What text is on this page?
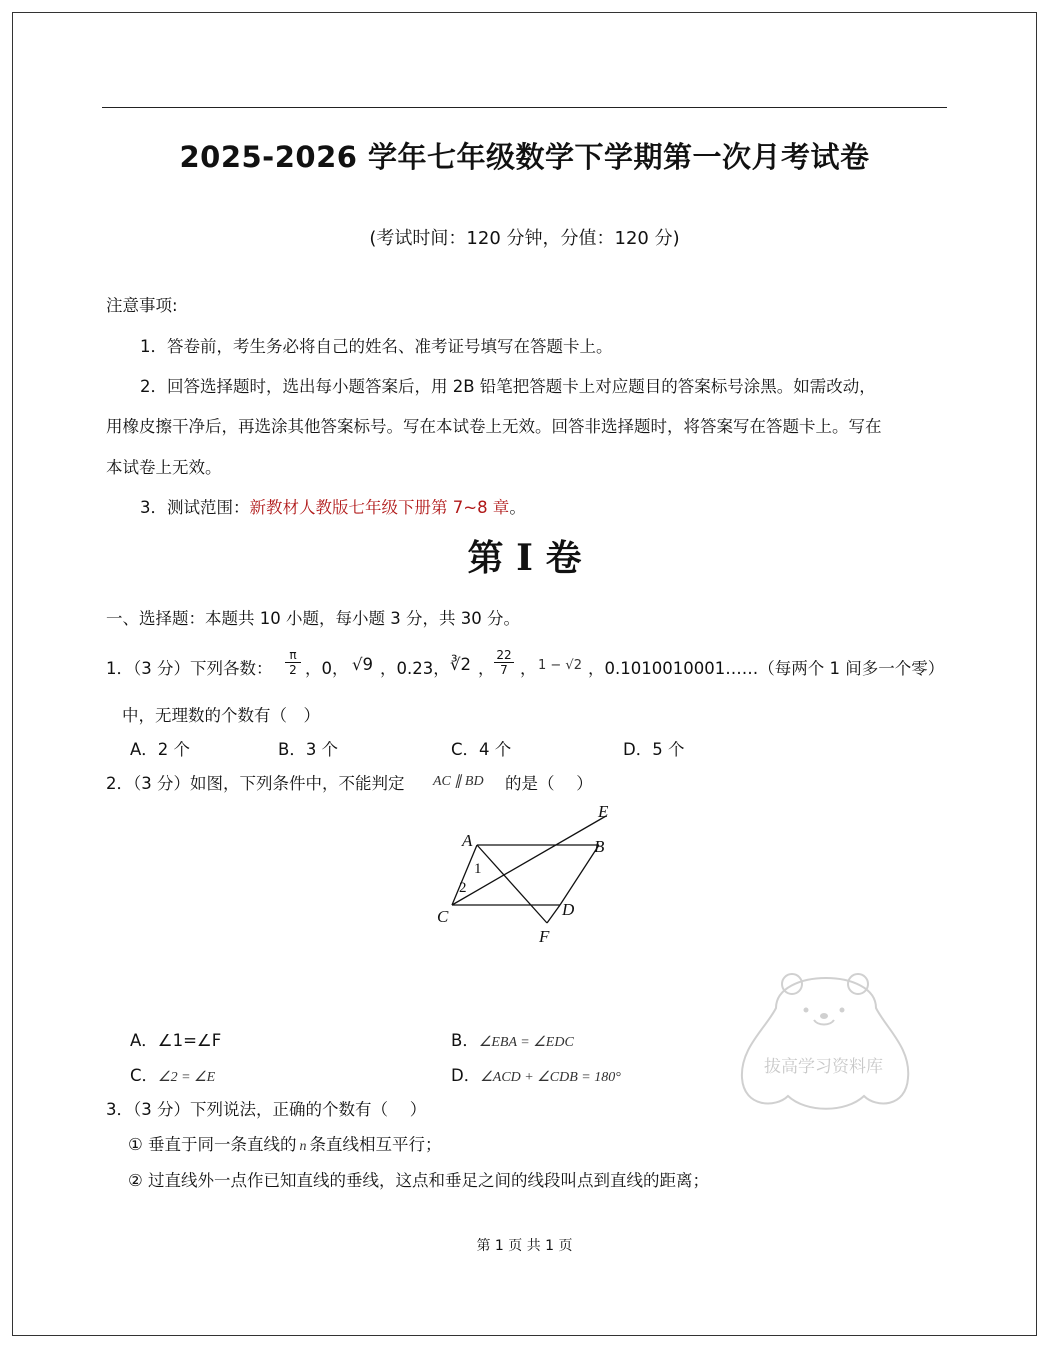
2025-2026 学年七年级数学下学期第一次月考试卷
(考试时间：120 分钟，分值：120 分)
注意事项:
1．答卷前，考生务必将自己的姓名、准考证号填写在答题卡上。
2．回答选择题时，选出每小题答案后，用 2B 铅笔把答题卡上对应题目的答案标号涂黑。如需改动，
用橡皮擦干净后，再选涂其他答案标号。写在本试卷上无效。回答非选择题时，将答案写在答题卡上。写在
本试卷上无效。
3．测试范围：新教材人教版七年级下册第 7~8 章。
第 I 卷
一、选择题：本题共 10 小题，每小题 3 分，共 30 分。
1．（3 分）下列各数： $\frac{\pi}{2}$ ，0， √9 ，0.23， ∛2 ， $\frac{22}{7}$ ， 1 − √2 ，0.1010010001……（每两个 1 间多一个零）
中，无理数的个数有（　）
A．2 个	B．3 个	C．4 个	D．5 个
2．（3 分）如图，下列条件中，不能判定 AC ∥ BD 的是（　 ）
A	B
C	D
E
F
1
2
A．∠1=∠F	B．∠EBA = ∠EDC
C．∠2 = ∠E	D．∠ACD + ∠CDB = 180°
拔高学习资料库
3．（3 分）下列说法，正确的个数有（　 ）
① 垂直于同一条直线的 n 条直线相互平行；
② 过直线外一点作已知直线的垂线，这点和垂足之间的线段叫点到直线的距离；
第 1 页 共 1 页
